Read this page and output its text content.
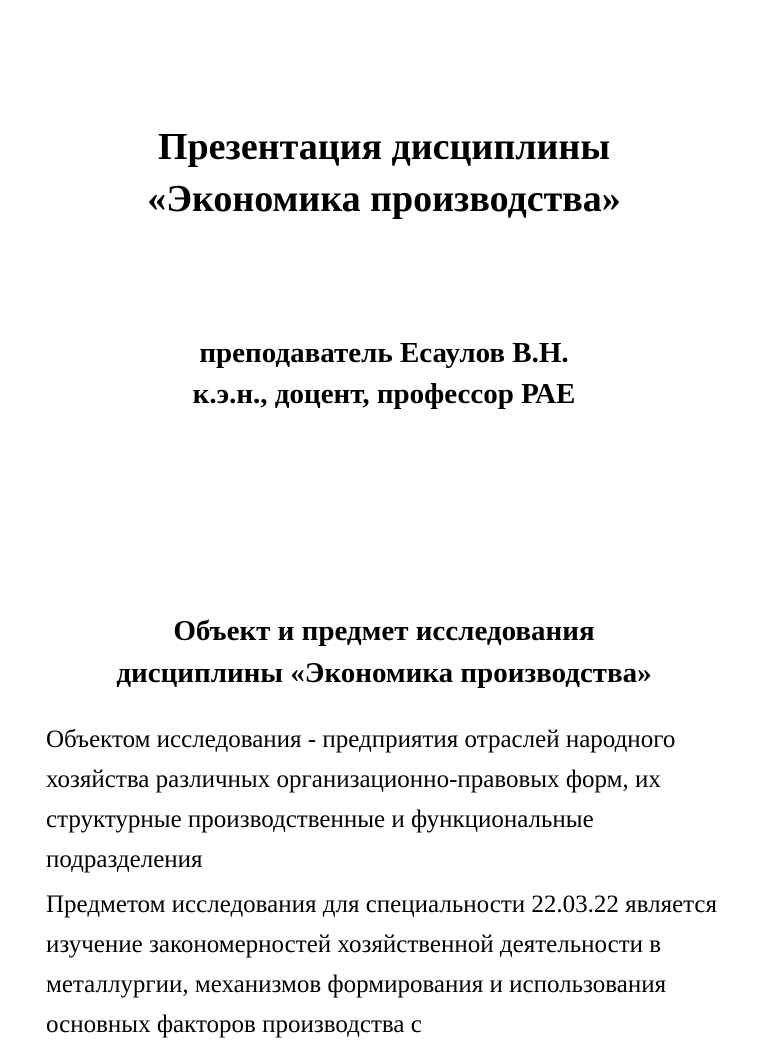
Презентация дисциплины
«Экономика производства»
преподаватель Есаулов В.Н.
к.э.н., доцент, профессор РАЕ
Объект и предмет исследования
дисциплины «Экономика производства»

Объектом исследования - предприятия отраслей народного хозяйства различных организационно-правовых форм, их структурные производственные и функциональные подразделения

Предметом исследования для специальности 22.03.22 является изучение закономерностей хозяйственной деятельности в металлургии, механизмов формирования и использования основных факторов производства с
